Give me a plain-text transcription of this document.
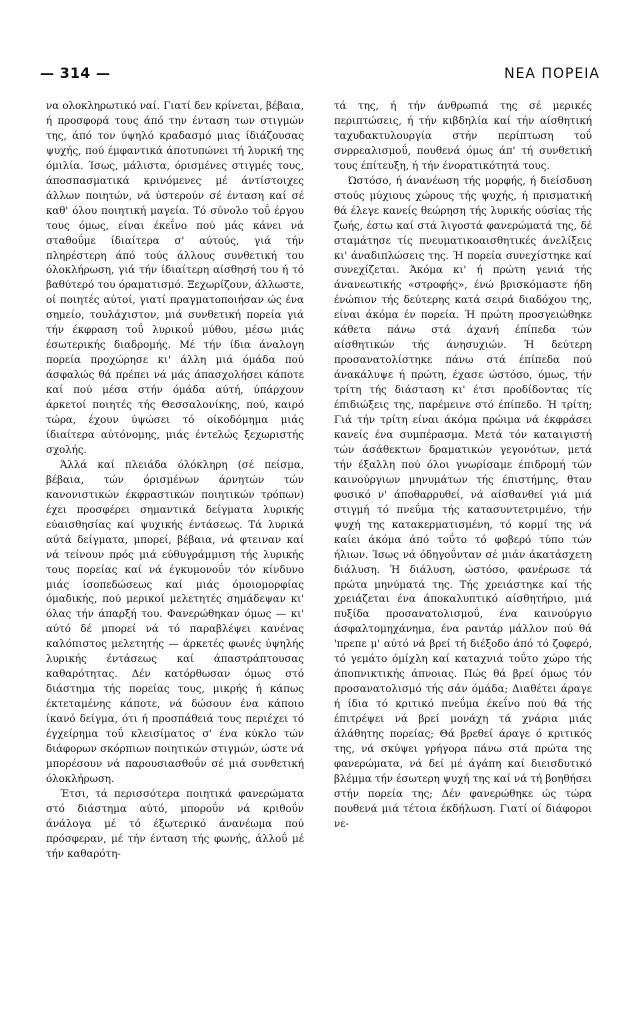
— 314 —	ΝΕΑ ΠΟΡΕΙΑ

να ολοκληρωτικό ναί. Γιατί δεν κρίνεται, βέβαια, ή προσφορά τους άπό την ένταση των στιγμών της, άπό τον ύψηλό κραδασμό μιας ίδιάζουσας ψυχής, πού έμφαντικά άποτυπώνει τή λυρική της όμιλία. Ίσως, μάλιστα, όρισμένες στιγμές τους, άποσπασματικά κρινόμενες μέ άντίστοιχες άλλων ποιητών, νά ύστερούν σέ ένταση καί σέ καθ' όλου ποιητική μαγεία. Τό σύνολο τοΰ έργου τους όμως, είναι έκεΐνο πού μάς κάνει νά σταθοΰμε ίδιαίτερα σ' αύτούς, γιά τήν πληρέστερη άπό τούς άλλους συνθετική του όλοκλήρωση, γιά τήν ίδιαίτερη αίσθησή του ή τό βαθύτερό του όραματισμό. Ξεχωρίζουν, άλλωστε, οί ποιητές αύτοί, γιατί πραγματοποιήσαν ώς ένα σημείο, τουλάχιστον, μιά συνθετική πορεία γιά τήν έκφραση τοΰ λυρικοΰ μύθου, μέσω μιάς έσωτερικής διαδρομής. Μέ τήν ίδια άναλογη πορεία προχώρησε κι' άλλη μιά όμάδα πού άσφαλώς θά πρέπει νά μάς άπασχολήσει κάποτε καί πού μέσα στήν όμάδα αύτή, ύπάρχουν άρκετοί ποιητές τής Θεσσαλονίκης, πού, καιρό τώρα, έχουν ύψώσει τό οίκοδόμημα μιάς ίδιαίτερα αύτόνομης, μιάς έντελώς ξεχωριστής σχολής.

Άλλά καί πλειάδα όλόκληρη (σέ πείσμα, βέβαια, τών όρισμένων άρνητών τών κανονιστικών έκφραστικών ποιητικών τρόπων) έχει προσφέρει σημαντικά δείγματα λυρικής εύαισθησίας καί ψυχικής έντάσεως. Τά λυρικά αύτά δείγματα, μπορεί, βέβαια, νά φτειναν καί νά τείνουν πρός μιά εύθυγράμμιση τής λυρικής τους πορείας καί νά έγκυμονοΰν τόν κίνδυνο μιάς ίσοπεδώσεως καί μιάς όμοιομορφίας όμαδικής, πού μερικοί μελετητές σημάδεψαν κι' όλας τήν άπαρξή του. Φανερώθηκαν όμως — κι' αύτό δέ μπορεί νά τό παραβλέψει κανένας καλόπιστος μελετητής — άρκετές φωνές ύψηλής λυρικής έντάσεως καί άπαστράπτουσας καθαρότητας. Δέν κατόρθωσαν όμως στό διάστημα τής πορείας τους, μικρής ή κάπως έκτεταμένης κάποτε, νά δώσουν ένα κάποιο ίκανό δείγμα, ότι ή προσπάθειά τους περιέχει τό έγχείρημα τοΰ κλεισίματος σ' ένα κύκλο τών διάφορων σκόρπιων ποιητικών στιγμών, ώστε νά μπορέσουν νά παρουσιασθοΰν σέ μιά συνθετική όλοκλήρωση.

Έτσι, τά περισσότερα ποιητικά φανερώματα στό διάστημα αύτό, μποροΰν νά κριθοΰν άνάλογα μέ τό έξωτερικό άνανέωμα πού πρόσφεραν, μέ τήν ένταση τής φωνής, άλλοΰ μέ τήν καθαρότη-

τά της, ή τήν άνθρωπιά της σέ μερικές περιπτώσεις, ή τήν κιβδηλία καί τήν αίσθητική ταχυδακτυλουργία στήν περίπτωση τοΰ σνρρεαλισμοΰ, πουθενά όμως άπ' τή συνθετική τους έπίτευξη, ή τήν ένορατικότητά τους.

Ώστόσο, ή άνανέωση τής μορφής, ή διείσδυση στούς μύχιους χώρους τής ψυχής, ή πρισματική θά έλεγε κανείς θεώρηση τής λυρικής ούσίας τής ζωής, έστω καί στά λιγοστά φανερώματά της, δέ σταμάτησε τίς πνευματικοαισθητικές άνελίξεις κι' άναδιπλώσεις της. Ή πορεία συνεχίστηκε καί συνεχίζεται. Άκόμα κι' ή πρώτη γενιά τής άνανεωτικής «στροφής», ένώ βρισκόμαστε ήδη ένώπιον τής δεύτερης κατά σειρά διαδόχου της, είναι άκόμα έν πορεία. Ή πρώτη προσγειώθηκε κάθετα πάνω στά άχανή έπίπεδα τών αίσθητικών τής άνησυχιών. Ή δεύτερη προσανατολίστηκε πάνω στά έπίπεδα πού άνακάλυψε ή πρώτη, έχασε ώστόσο, όμως, τήν τρίτη τής διάσταση κι' έτσι προδίδοντας τίς έπιδιώξεις της, παρέμεινε στό έπίπεδο. Ή τρίτη; Γιά τήν τρίτη είναι άκόμα πρώιμα νά έκφράσει κανείς ένα συμπέρασμα. Μετά τόν καταιγιστή τών άσάθεκτων δραματικών γεγονότων, μετά τήν έξαλλη πού όλοι γνωρίσαμε έπιδρομή τών καινούργιων μηνυμάτων τής έπιστήμης, θταν φυσικό ν' άποθαρρυθεί, νά αίσθανθεί γιά μιά στιγμή τό πνεΰμα τής κατασυντετριμένο, τήν ψυχή της κατακερματισμένη, τό κορμί της νά καίει άκόμα άπό τοΰτο τό φοβερό τύπο τών ήλιων. Ίσως νά όδηγοΰνταν σέ μιάν άκατάσχετη διάλυση. Ή διάλυση, ώστόσο, φανέρωσε τά πρώτα μηνύματά της. Τής χρειάστηκε καί τής χρειάζεται ένα άποκαλυπτικό αίσθητήριο, μιά πυξίδα προσανατολισμοΰ, ένα καινούργιο άσφαλτομηχάνημα, ένα ραντάρ μάλλον πού θά 'πρεπε μ' αύτό νά βρεί τή διέξοδο άπό τό ζοφερό, τό γεμάτο όμίχλη καί καταχνιά τοΰτο χώρο τής άποπνικτικής άπνοιας. Πώς θά βρεί όμως τόν προσανατολισμό τής σάν όμάδα; Διαθέτει άραγε ή ίδια τό κριτικό πνεΰμα έκεΐνο πού θά τής έπιτρέψει νά βρεί μονάχη τά χνάρια μιάς άλάθητης πορείας; Θά βρεθεί άραγε ό κριτικός της, νά σκύψει γρήγορα πάνω στά πρώτα της φανερώματα, νά δεί μέ άγάπη καί διεισδυτικό βλέμμα τήν έσωτερη ψυχή της καί νά τή βοηθήσει στήν πορεία της; Δέν φανερώθηκε ώς τώρα πουθενά μιά τέτοια έκδήλωση. Γιατί οί διάφοροι νε-
